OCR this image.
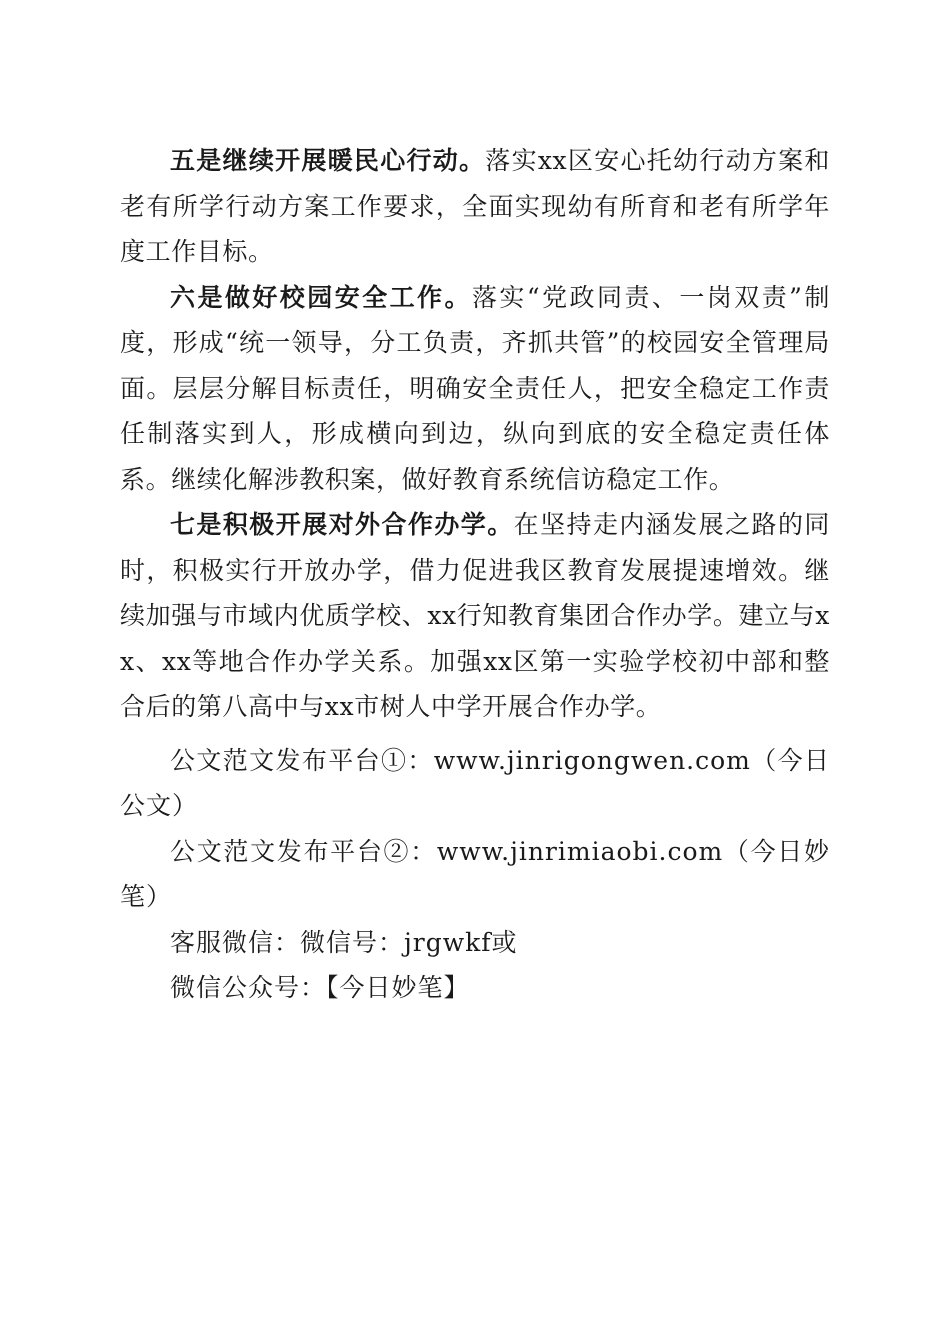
五是继续开展暖民心行动。落实xx区安心托幼行动方案和老有所学行动方案工作要求，全面实现幼有所育和老有所学年度工作目标。

六是做好校园安全工作。落实“党政同责、一岗双责”制度，形成“统一领导，分工负责，齐抓共管”的校园安全管理局面。层层分解目标责任，明确安全责任人，把安全稳定工作责任制落实到人，形成横向到边，纵向到底的安全稳定责任体系。继续化解涉教积案，做好教育系统信访稳定工作。

七是积极开展对外合作办学。在坚持走内涵发展之路的同时，积极实行开放办学，借力促进我区教育发展提速增效。继续加强与市域内优质学校、xx行知教育集团合作办学。建立与xx、xx等地合作办学关系。加强xx区第一实验学校初中部和整合后的第八高中与xx市树人中学开展合作办学。

公文范文发布平台①：www.jinrigongwen.com（今日公文）

公文范文发布平台②：www.jinrimiaobi.com（今日妙笔）

客服微信：微信号：jrgwkf或

微信公众号：【今日妙笔】
